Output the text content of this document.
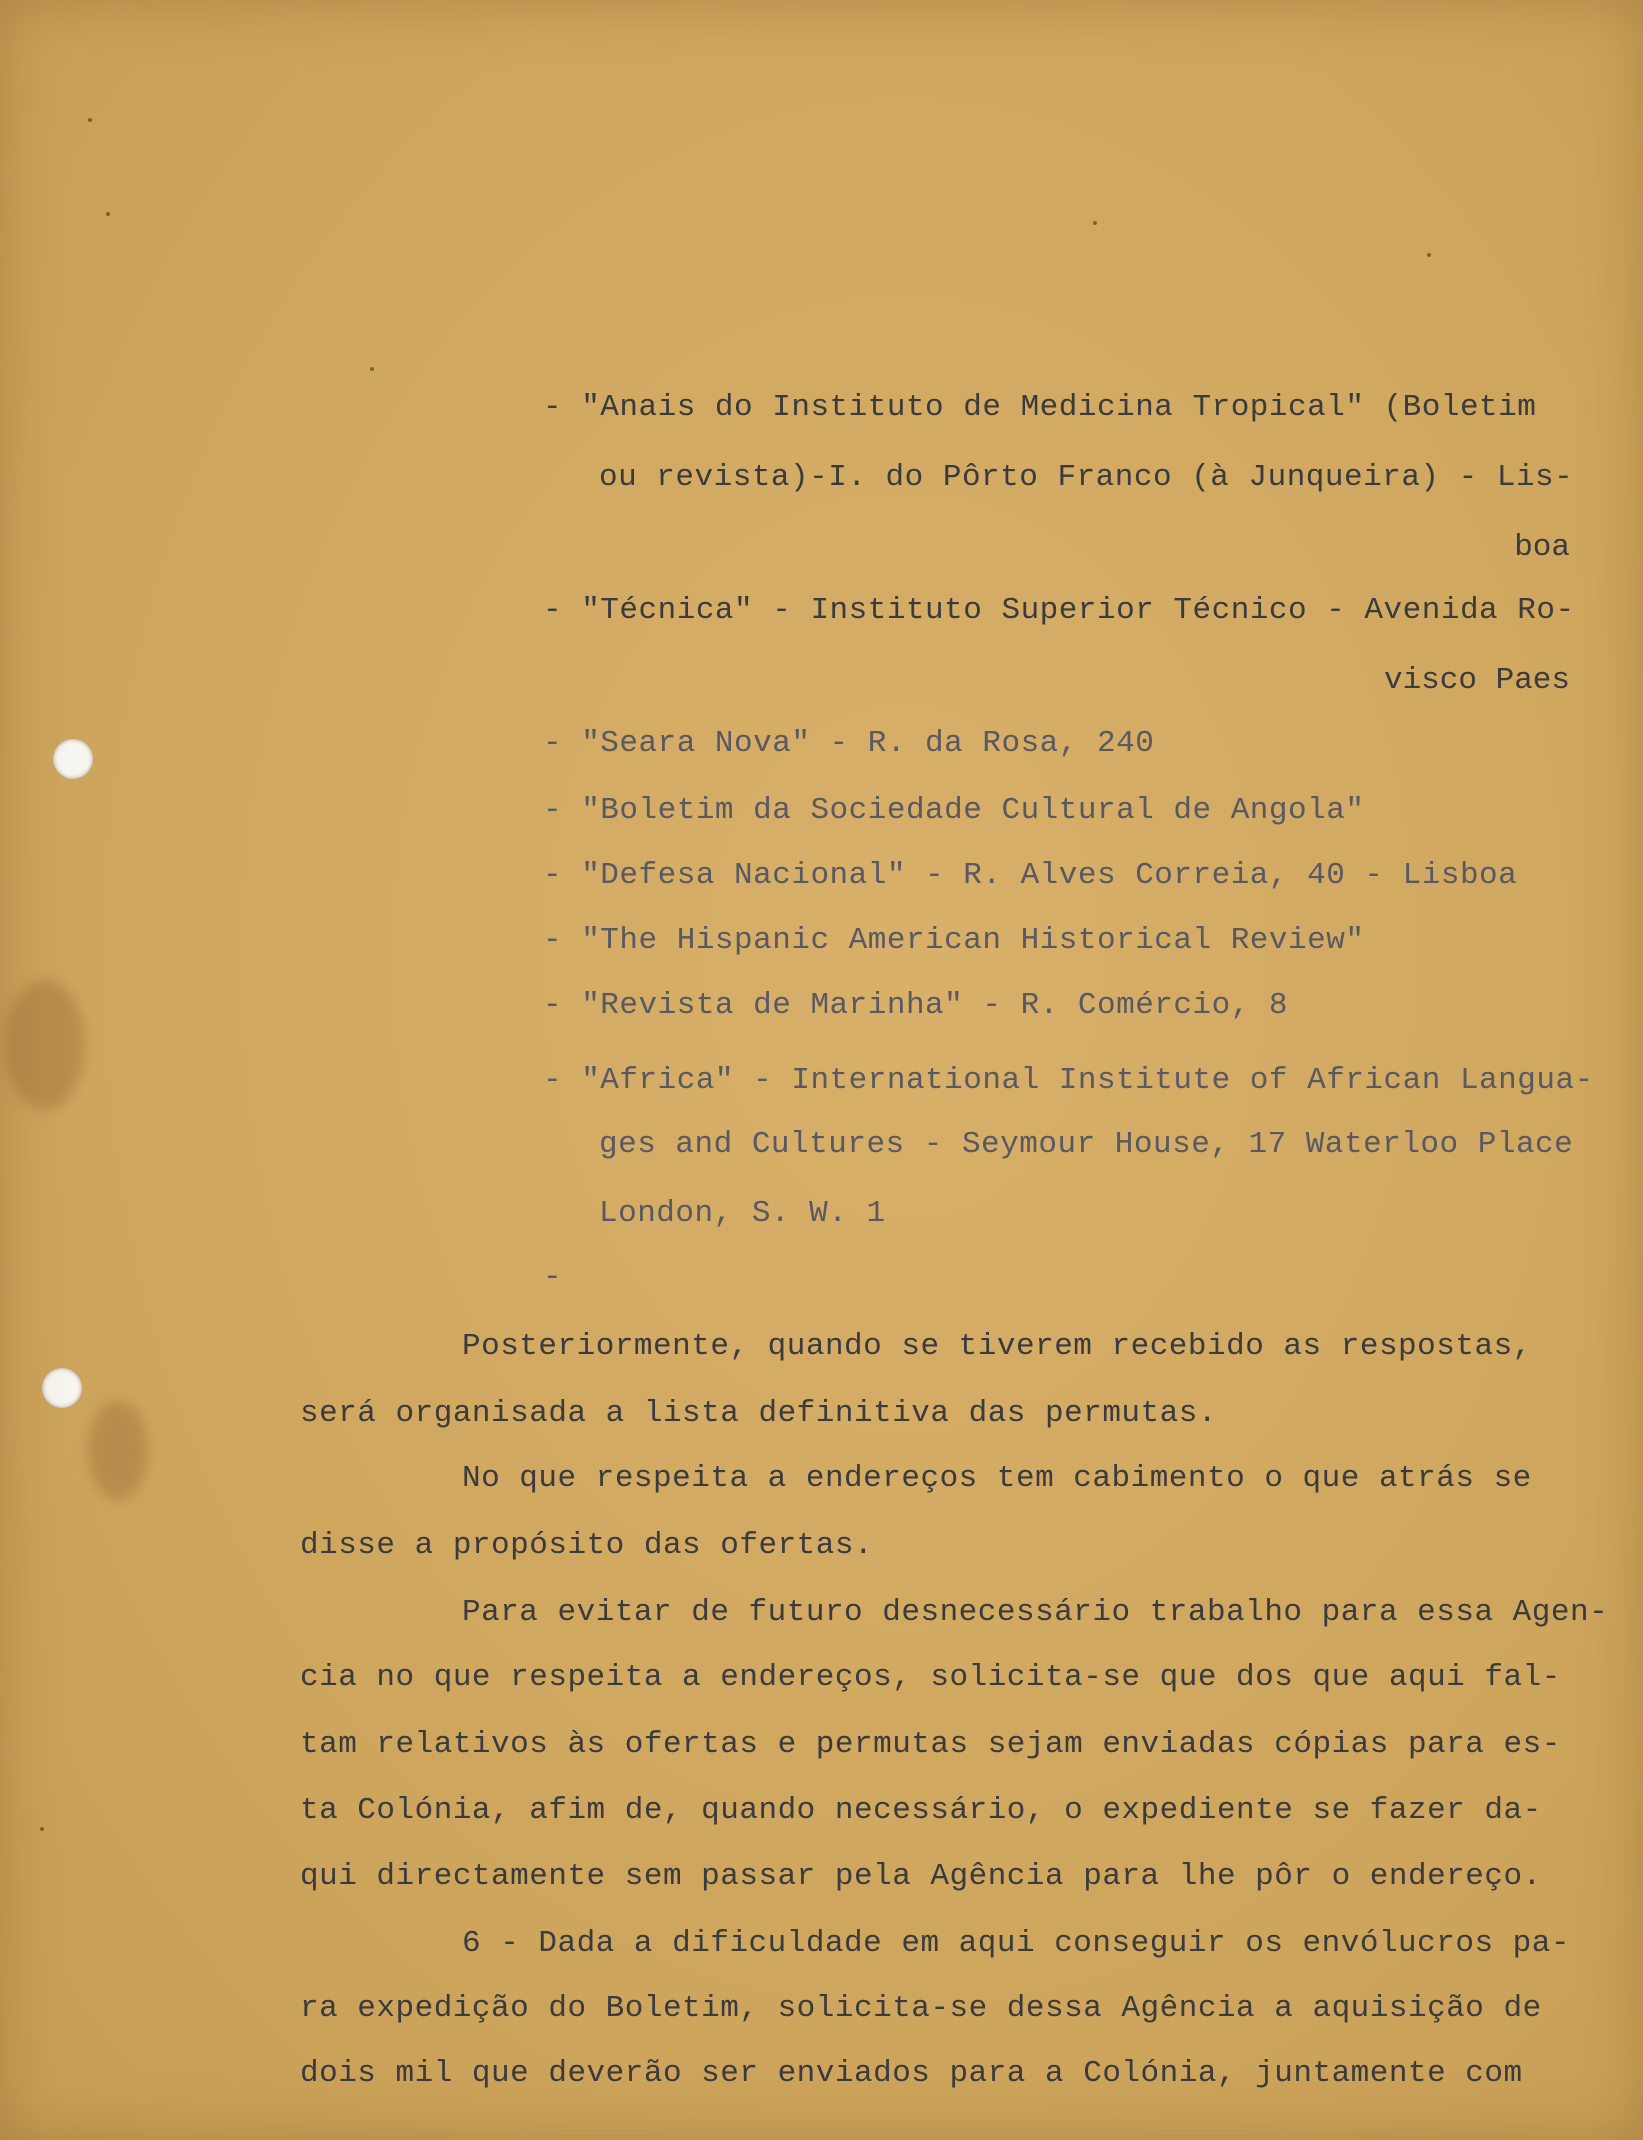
- "Anais do Instituto de Medicina Tropical" (Boletim
ou revista)-I. do Pôrto Franco (à Junqueira) - Lis-
boa
- "Técnica" - Instituto Superior Técnico - Avenida Ro-
visco Paes
- "Seara Nova" - R. da Rosa, 240
- "Boletim da Sociedade Cultural de Angola"
- "Defesa Nacional" - R. Alves Correia, 40 - Lisboa
- "The Hispanic American Historical Review"
- "Revista de Marinha" - R. Comércio, 8
- "Africa" - International Institute of African Langua-
ges and Cultures - Seymour House, 17 Waterloo Place
London, S. W. 1
-
Posteriormente, quando se tiverem recebido as respostas,
será organisada a lista definitiva das permutas.
No que respeita a endereços tem cabimento o que atrás se
disse a propósito das ofertas.
Para evitar de futuro desnecessário trabalho para essa Agen-
cia no que respeita a endereços, solicita-se que dos que aqui fal-
tam relativos às ofertas e permutas sejam enviadas cópias para es-
ta Colónia, afim de, quando necessário, o expediente se fazer da-
qui directamente sem passar pela Agência para lhe pôr o endereço.
6 - Dada a dificuldade em aqui conseguir os envólucros pa-
ra expedição do Boletim, solicita-se dessa Agência a aquisição de
dois mil que deverão ser enviados para a Colónia, juntamente com
